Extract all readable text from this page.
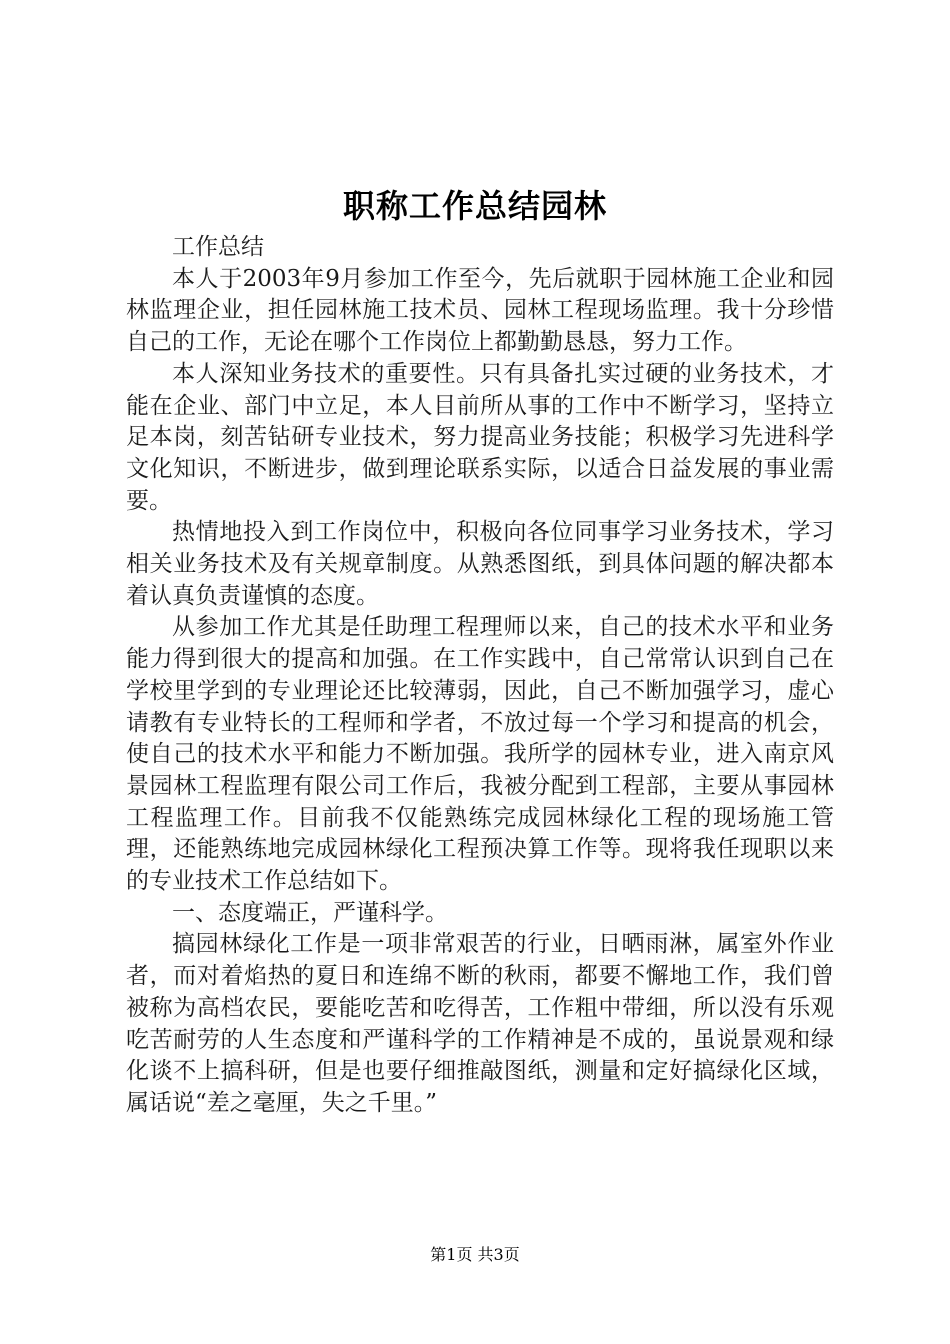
职称工作总结园林

工作总结

本人于2003年9月参加工作至今，先后就职于园林施工企业和园林监理企业，担任园林施工技术员、园林工程现场监理。我十分珍惜自己的工作，无论在哪个工作岗位上都勤勤恳恳，努力工作。

本人深知业务技术的重要性。只有具备扎实过硬的业务技术，才能在企业、部门中立足，本人目前所从事的工作中不断学习，坚持立足本岗，刻苦钻研专业技术，努力提高业务技能；积极学习先进科学文化知识，不断进步，做到理论联系实际，以适合日益发展的事业需要。

热情地投入到工作岗位中，积极向各位同事学习业务技术，学习相关业务技术及有关规章制度。从熟悉图纸，到具体问题的解决都本着认真负责谨慎的态度。

从参加工作尤其是任助理工程理师以来，自己的技术水平和业务能力得到很大的提高和加强。在工作实践中，自己常常认识到自己在学校里学到的专业理论还比较薄弱，因此，自己不断加强学习，虚心请教有专业特长的工程师和学者，不放过每一个学习和提高的机会，使自己的技术水平和能力不断加强。我所学的园林专业，进入南京风景园林工程监理有限公司工作后，我被分配到工程部，主要从事园林工程监理工作。目前我不仅能熟练完成园林绿化工程的现场施工管理，还能熟练地完成园林绿化工程预决算工作等。现将我任现职以来的专业技术工作总结如下。

一、态度端正，严谨科学。

搞园林绿化工作是一项非常艰苦的行业，日晒雨淋，属室外作业者，而对着焰热的夏日和连绵不断的秋雨，都要不懈地工作，我们曾被称为高档农民，要能吃苦和吃得苦，工作粗中带细，所以没有乐观吃苦耐劳的人生态度和严谨科学的工作精神是不成的，虽说景观和绿化谈不上搞科研，但是也要仔细推敲图纸，测量和定好搞绿化区域，属话说“差之毫厘，失之千里。”

第1页 共3页
